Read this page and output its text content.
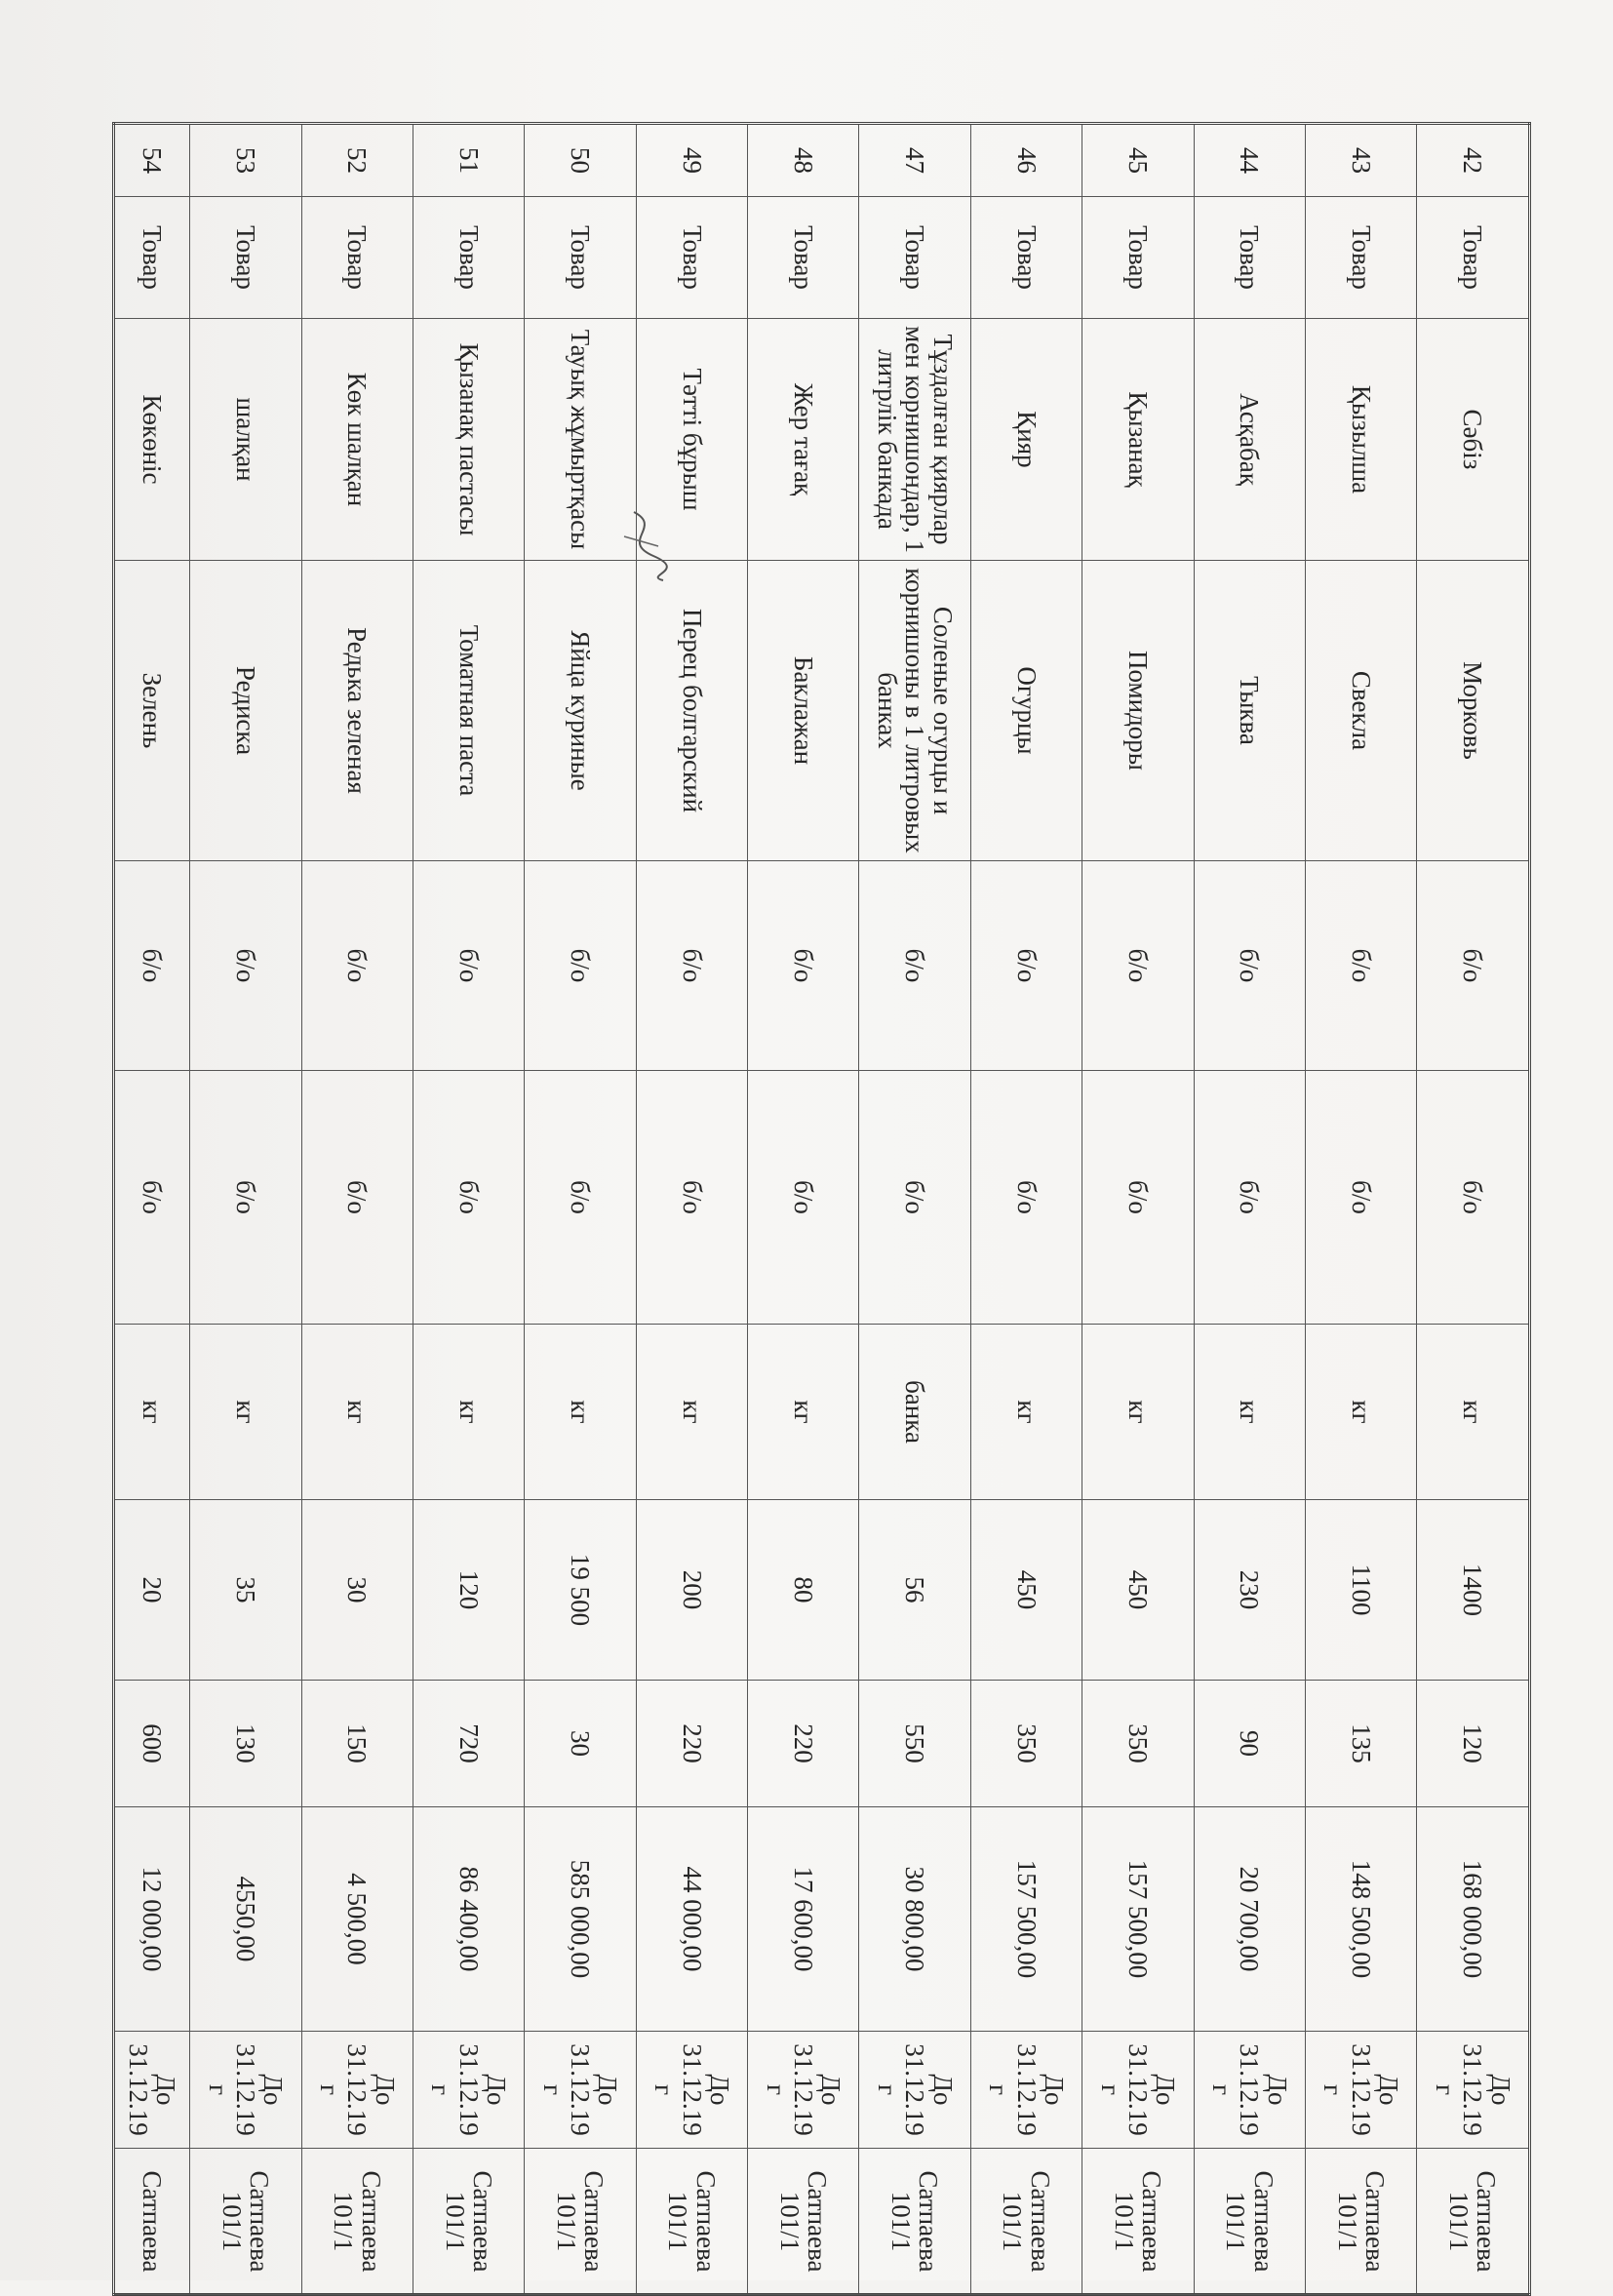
42	Товар	Сәбіз	Морковь	б/о	б/о	кг	1400	120	168 000,00	До 31.12.19 г	Сатпаева 101/1	
43	Товар	Қызылша	Свекла	б/о	б/о	кг	1100	135	148 500,00	До 31.12.19 г	Сатпаева 101/1	
44	Товар	Асқабақ	Тыква	б/о	б/о	кг	230	90	20 700,00	До 31.12.19 г	Сатпаева 101/1	
45	Товар	Қызанақ	Помидоры	б/о	б/о	кг	450	350	157 500,00	До 31.12.19 г	Сатпаева 101/1	
46	Товар	Қияр	Огурцы	б/о	б/о	кг	450	350	157 500,00	До 31.12.19 г	Сатпаева 101/1	
47	Товар	Тұздалған қиярлар мен корнишондар, 1 литрлік банкада	Соленые огурцы и корнишоны в 1 литровых банках	б/о	б/о	банка	56	550	30 800,00	До 31.12.19 г	Сатпаева 101/1	
48	Товар	Жер тағақ	Баклажан	б/о	б/о	кг	80	220	17 600,00	До 31.12.19 г	Сатпаева 101/1	
49	Товар	Тәтті бұрыш	Перец болгарский	б/о	б/о	кг	200	220	44 000,00	До 31.12.19 г	Сатпаева 101/1	
50	Товар	Тауық жұмыртқасы	Яйца куриные	б/о	б/о	кг	19 500	30	585 000,00	До 31.12.19 г	Сатпаева 101/1	
51	Товар	Қызанақ пастасы	Томатная паста	б/о	б/о	кг	120	720	86 400,00	До 31.12.19 г	Сатпаева 101/1	
52	Товар	Көк шалқан	Редька зеленая	б/о	б/о	кг	30	150	4 500,00	До 31.12.19 г	Сатпаева 101/1	
53	Товар	шалқан	Редиска	б/о	б/о	кг	35	130	4550,00	До 31.12.19 г	Сатпаева 101/1	
54	Товар	Көкөніс	Зелень	б/о	б/о	кг	20	600	12 000,00	До 31.12.19	Сатпаева	
